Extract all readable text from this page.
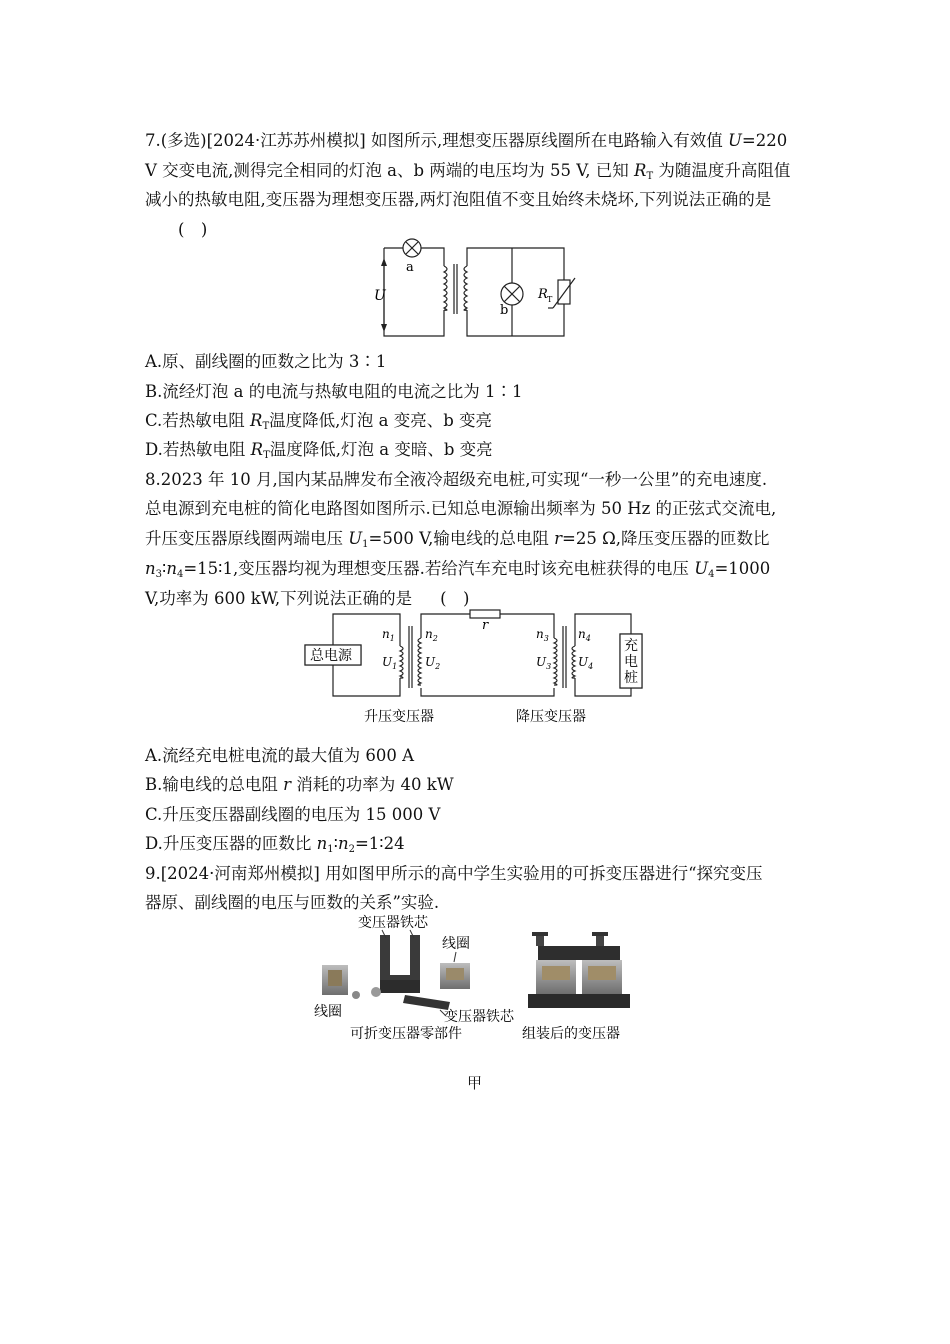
7.(多选)[2024·江苏苏州模拟] 如图所示,理想变压器原线圈所在电路输入有效值 U=220
V 交变电流,测得完全相同的灯泡 a、b 两端的电压均为 55 V, 已知 $R_T$ 为随温度升高阻值
减小的热敏电阻,变压器为理想变压器,两灯泡阻值不变且始终未烧坏,下列说法正确的是
(　)
a
b
U	R T
A.原、副线圈的匝数之比为 3∶1
B.流经灯泡 a 的电流与热敏电阻的电流之比为 1∶1
C.若热敏电阻 $R_T$温度降低,灯泡 a 变亮、b 变亮
D.若热敏电阻 $R_T$温度降低,灯泡 a 变暗、b 变亮
8.2023 年 10 月,国内某品牌发布全液冷超级充电桩,可实现“一秒一公里”的充电速度.
总电源到充电桩的简化电路图如图所示.已知总电源输出频率为 50 Hz 的正弦式交流电,
升压变压器原线圈两端电压 $U_1=500$ V,输电线的总电阻 r=25 Ω,降压变压器的匝数比
$n_3∶n_4=15∶1$,变压器均视为理想变压器.若给汽车充电时该充电桩获得的电压 $U_4=1000$
V,功率为 600 kW,下列说法正确的是 (　)
总电源
r
充
电
桩
$n_1$
$U_1$
$n_2$
$U_2$
$n_3$
$U_3$
$n_4$
$U_4$
升压变压器	降压变压器
A.流经充电桩电流的最大值为 600 A
B.输电线的总电阻 r 消耗的功率为 40 kW
C.升压变压器副线圈的电压为 15 000 V
D.升压变压器的匝数比 $n_1∶n_2=1∶24$
9.[2024·河南郑州模拟] 用如图甲所示的高中学生实验用的可拆变压器进行“探究变压
器原、副线圈的电压与匝数的关系”实验.
变压器铁芯
线圈
线圈	变压器铁芯
可折变压器零部件	组装后的变压器
甲
